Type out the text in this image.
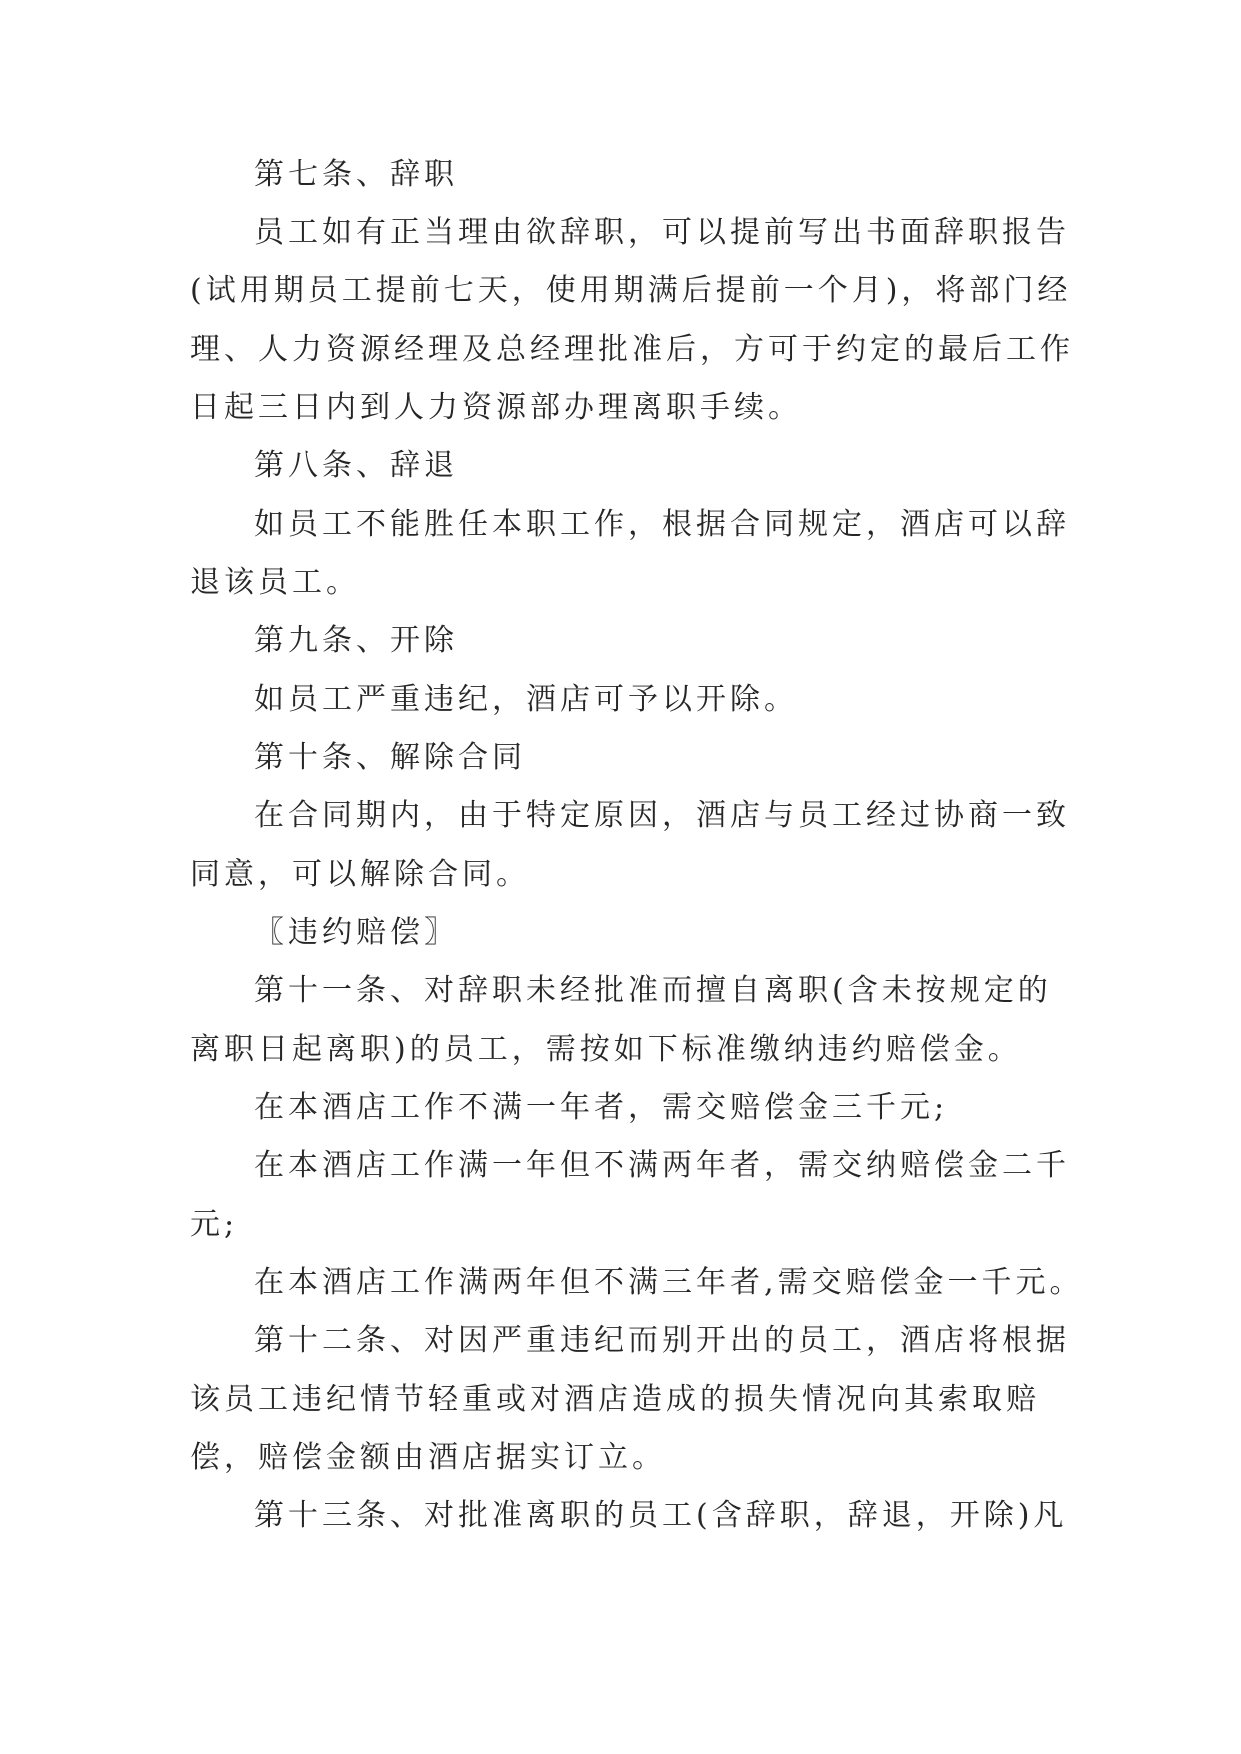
第七条、辞职
员工如有正当理由欲辞职，可以提前写出书面辞职报告
(试用期员工提前七天，使用期满后提前一个月)，将部门经
理、人力资源经理及总经理批准后，方可于约定的最后工作
日起三日内到人力资源部办理离职手续。
第八条、辞退
如员工不能胜任本职工作，根据合同规定，酒店可以辞
退该员工。
第九条、开除
如员工严重违纪，酒店可予以开除。
第十条、解除合同
在合同期内，由于特定原因，酒店与员工经过协商一致
同意，可以解除合同。
〖违约赔偿〗
第十一条、对辞职未经批准而擅自离职(含未按规定的
离职日起离职)的员工，需按如下标准缴纳违约赔偿金。
在本酒店工作不满一年者，需交赔偿金三千元;
在本酒店工作满一年但不满两年者，需交纳赔偿金二千
元;
在本酒店工作满两年但不满三年者,需交赔偿金一千元。
第十二条、对因严重违纪而别开出的员工，酒店将根据
该员工违纪情节轻重或对酒店造成的损失情况向其索取赔
偿，赔偿金额由酒店据实订立。
第十三条、对批准离职的员工(含辞职，辞退，开除)凡
